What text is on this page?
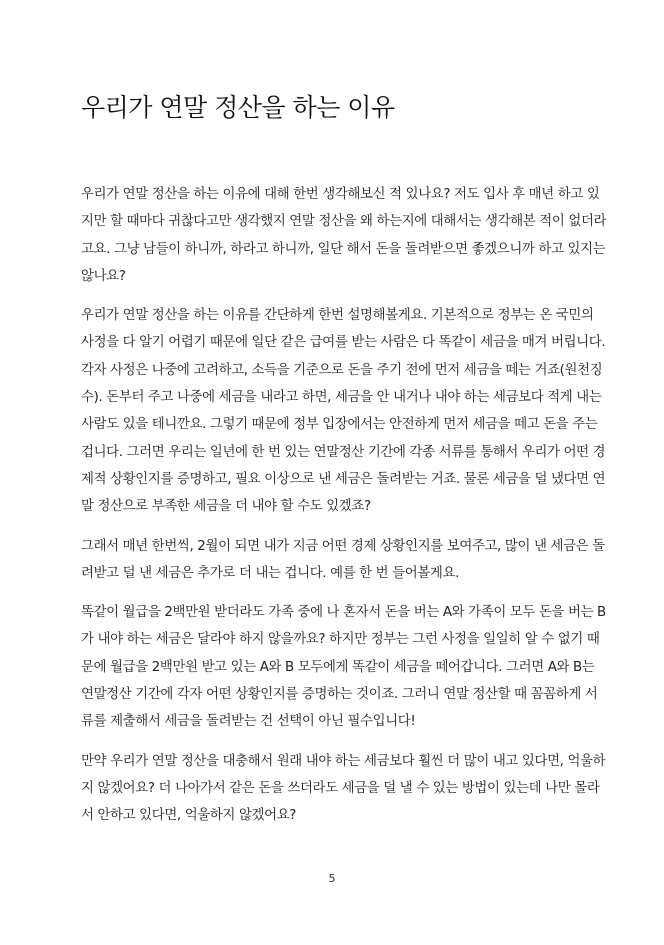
우리가 연말 정산을 하는 이유

우리가 연말 정산을 하는 이유에 대해 한번 생각해보신 적 있나요? 저도 입사 후 매년 하고 있
지만 할 때마다 귀찮다고만 생각했지 연말 정산을 왜 하는지에 대해서는 생각해본 적이 없더라
고요. 그냥 남들이 하니까, 하라고 하니까, 일단 해서 돈을 돌려받으면 좋겠으니까 하고 있지는
않나요?

우리가 연말 정산을 하는 이유를 간단하게 한번 설명해볼게요. 기본적으로 정부는 온 국민의
사정을 다 알기 어렵기 때문에 일단 같은 급여를 받는 사람은 다 똑같이 세금을 매겨 버립니다.
각자 사정은 나중에 고려하고, 소득을 기준으로 돈을 주기 전에 먼저 세금을 떼는 거죠(원천징
수). 돈부터 주고 나중에 세금을 내라고 하면, 세금을 안 내거나 내야 하는 세금보다 적게 내는
사람도 있을 테니깐요. 그렇기 때문에 정부 입장에서는 안전하게 먼저 세금을 떼고 돈을 주는
겁니다. 그러면 우리는 일년에 한 번 있는 연말정산 기간에 각종 서류를 통해서 우리가 어떤 경
제적 상황인지를 증명하고, 필요 이상으로 낸 세금은 돌려받는 거죠. 물론 세금을 덜 냈다면 연
말 정산으로 부족한 세금을 더 내야 할 수도 있겠죠?

그래서 매년 한번씩, 2월이 되면 내가 지금 어떤 경제 상황인지를 보여주고, 많이 낸 세금은 돌
려받고 덜 낸 세금은 추가로 더 내는 겁니다. 예를 한 번 들어볼게요.

똑같이 월급을 2백만원 받더라도 가족 중에 나 혼자서 돈을 버는 A와 가족이 모두 돈을 버는 B
가 내야 하는 세금은 달라야 하지 않을까요? 하지만 정부는 그런 사정을 일일히 알 수 없기 때
문에 월급을 2백만원 받고 있는 A와 B 모두에게 똑같이 세금을 떼어갑니다. 그러면 A와 B는
연말정산 기간에 각자 어떤 상황인지를 증명하는 것이죠. 그러니 연말 정산할 때 꼼꼼하게 서
류를 제출해서 세금을 돌려받는 건 선택이 아닌 필수입니다!

만약 우리가 연말 정산을 대충해서 원래 내야 하는 세금보다 훨씬 더 많이 내고 있다면, 억울하
지 않겠어요? 더 나아가서 같은 돈을 쓰더라도 세금을 덜 낼 수 있는 방법이 있는데 나만 몰라
서 안하고 있다면, 억울하지 않겠어요?

5
